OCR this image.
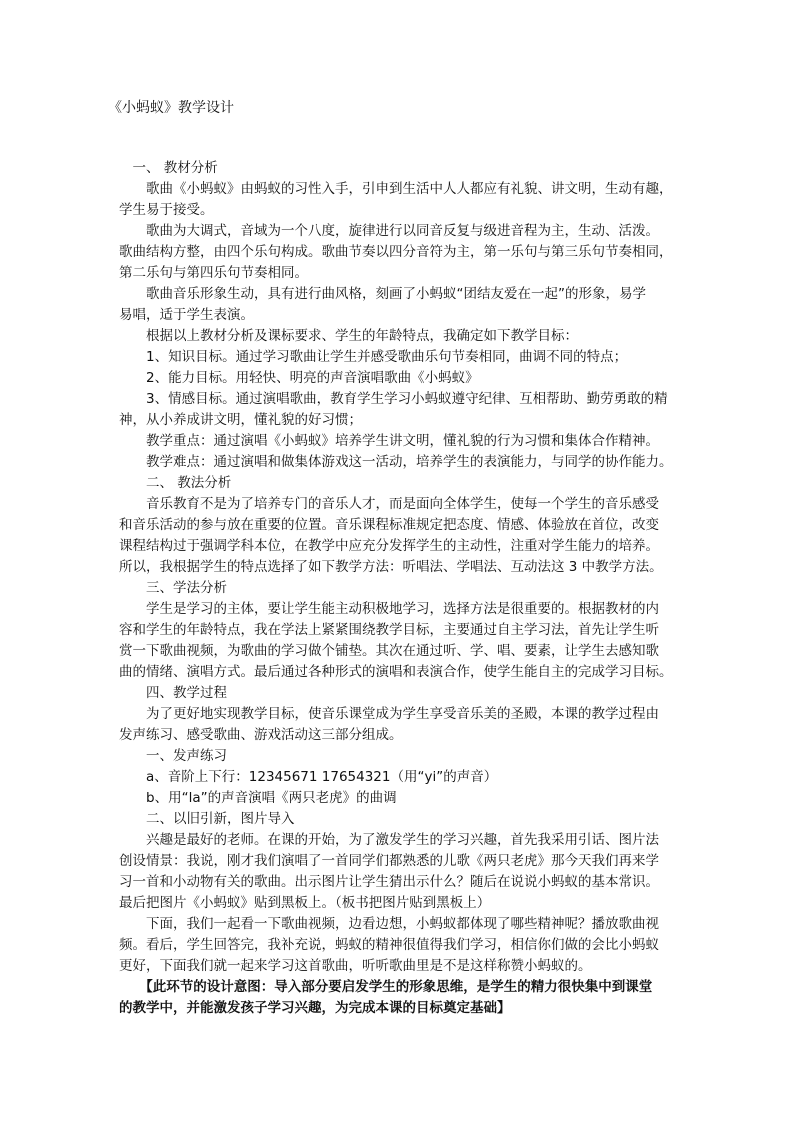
《小蚂蚁》教学设计
　一、 教材分析
　　歌曲《小蚂蚁》由蚂蚁的习性入手，引申到生活中人人都应有礼貌、讲文明，生动有趣，
学生易于接受。
　　歌曲为大调式，音域为一个八度，旋律进行以同音反复与级进音程为主，生动、活泼。
歌曲结构方整，由四个乐句构成。歌曲节奏以四分音符为主，第一乐句与第三乐句节奏相同，
第二乐句与第四乐句节奏相同。
　　歌曲音乐形象生动，具有进行曲风格，刻画了小蚂蚁“团结友爱在一起”的形象，易学
易唱，适于学生表演。
　　根据以上教材分析及课标要求、学生的年龄特点，我确定如下教学目标：
　　1、知识目标。通过学习歌曲让学生并感受歌曲乐句节奏相同，曲调不同的特点；
　　2、能力目标。用轻快、明亮的声音演唱歌曲《小蚂蚁》
　　3、情感目标。通过演唱歌曲，教育学生学习小蚂蚁遵守纪律、互相帮助、勤劳勇敢的精
神，从小养成讲文明，懂礼貌的好习惯；
　　教学重点：通过演唱《小蚂蚁》培养学生讲文明，懂礼貌的行为习惯和集体合作精神。
　　教学难点：通过演唱和做集体游戏这一活动，培养学生的表演能力，与同学的协作能力。
　　二、 教法分析
　　音乐教育不是为了培养专门的音乐人才，而是面向全体学生，使每一个学生的音乐感受
和音乐活动的参与放在重要的位置。音乐课程标准规定把态度、情感、体验放在首位，改变
课程结构过于强调学科本位，在教学中应充分发挥学生的主动性，注重对学生能力的培养。
所以，我根据学生的特点选择了如下教学方法：听唱法、学唱法、互动法这 3 中教学方法。
　　三、学法分析
　　学生是学习的主体，要让学生能主动积极地学习，选择方法是很重要的。根据教材的内
容和学生的年龄特点，我在学法上紧紧围绕教学目标，主要通过自主学习法，首先让学生听
赏一下歌曲视频，为歌曲的学习做个铺垫。其次在通过听、学、唱、要素，让学生去感知歌
曲的情绪、演唱方式。最后通过各种形式的演唱和表演合作，使学生能自主的完成学习目标。
　　四、教学过程
　　为了更好地实现教学目标，使音乐课堂成为学生享受音乐美的圣殿，本课的教学过程由
发声练习、感受歌曲、游戏活动这三部分组成。
　　一、发声练习
　　a、音阶上下行：12345671 17654321（用“yi”的声音）
　　b、用“la”的声音演唱《两只老虎》的曲调
　　二、以旧引新，图片导入
　　兴趣是最好的老师。在课的开始，为了激发学生的学习兴趣，首先我采用引话、图片法
创设情景：我说，刚才我们演唱了一首同学们都熟悉的儿歌《两只老虎》那今天我们再来学
习一首和小动物有关的歌曲。出示图片让学生猜出示什么？随后在说说小蚂蚁的基本常识。
最后把图片《小蚂蚁》贴到黑板上。（板书把图片贴到黑板上）
　　下面，我们一起看一下歌曲视频，边看边想，小蚂蚁都体现了哪些精神呢？播放歌曲视
频。看后，学生回答完，我补充说，蚂蚁的精神很值得我们学习，相信你们做的会比小蚂蚁
更好，下面我们就一起来学习这首歌曲，听听歌曲里是不是这样称赞小蚂蚁的。
　　【此环节的设计意图：导入部分要启发学生的形象思维，是学生的精力很快集中到课堂
的教学中，并能激发孩子学习兴趣，为完成本课的目标奠定基础】
